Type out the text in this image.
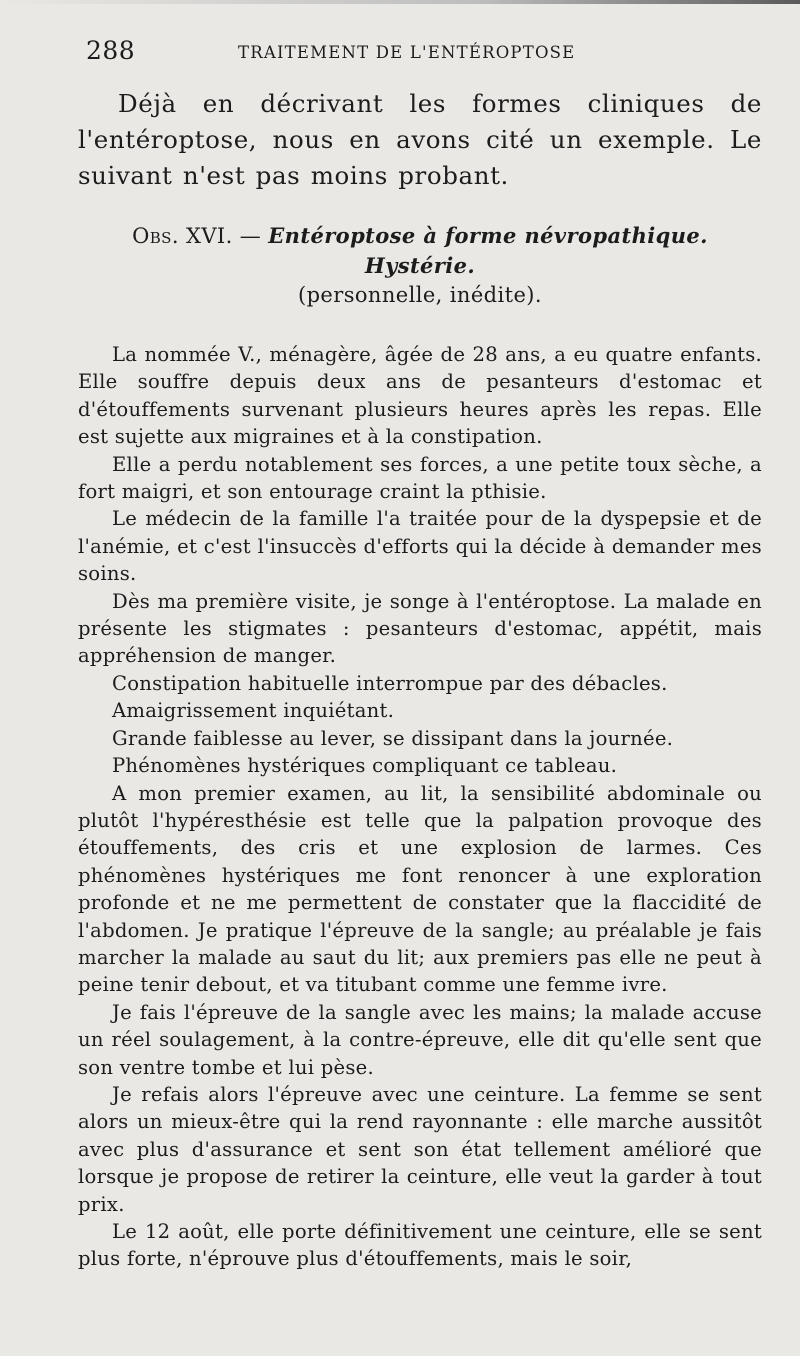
288	TRAITEMENT DE L'ENTÉROPTOSE

Déjà en décrivant les formes cliniques de l'entéroptose, nous en avons cité un exemple. Le suivant n'est pas moins probant.

Obs. XVI. — Entéroptose à forme névropathique. Hystérie.
(personnelle, inédite).

La nommée V., ménagère, âgée de 28 ans, a eu quatre enfants. Elle souffre depuis deux ans de pesanteurs d'estomac et d'étouffements survenant plusieurs heures après les repas. Elle est sujette aux migraines et à la constipation.

Elle a perdu notablement ses forces, a une petite toux sèche, a fort maigri, et son entourage craint la pthisie.

Le médecin de la famille l'a traitée pour de la dyspepsie et de l'anémie, et c'est l'insuccès d'efforts qui la décide à demander mes soins.

Dès ma première visite, je songe à l'entéroptose. La malade en présente les stigmates : pesanteurs d'estomac, appétit, mais appréhension de manger.

Constipation habituelle interrompue par des débacles.

Amaigrissement inquiétant.

Grande faiblesse au lever, se dissipant dans la journée.

Phénomènes hystériques compliquant ce tableau.

A mon premier examen, au lit, la sensibilité abdominale ou plutôt l'hypéresthésie est telle que la palpation provoque des étouffements, des cris et une explosion de larmes. Ces phénomènes hystériques me font renoncer à une exploration profonde et ne me permettent de constater que la flaccidité de l'abdomen. Je pratique l'épreuve de la sangle; au préalable je fais marcher la malade au saut du lit; aux premiers pas elle ne peut à peine tenir debout, et va titubant comme une femme ivre.

Je fais l'épreuve de la sangle avec les mains; la malade accuse un réel soulagement, à la contre-épreuve, elle dit qu'elle sent que son ventre tombe et lui pèse.

Je refais alors l'épreuve avec une ceinture. La femme se sent alors un mieux-être qui la rend rayonnante : elle marche aussitôt avec plus d'assurance et sent son état tellement amélioré que lorsque je propose de retirer la ceinture, elle veut la garder à tout prix.

Le 12 août, elle porte définitivement une ceinture, elle se sent plus forte, n'éprouve plus d'étouffements, mais le soir,
